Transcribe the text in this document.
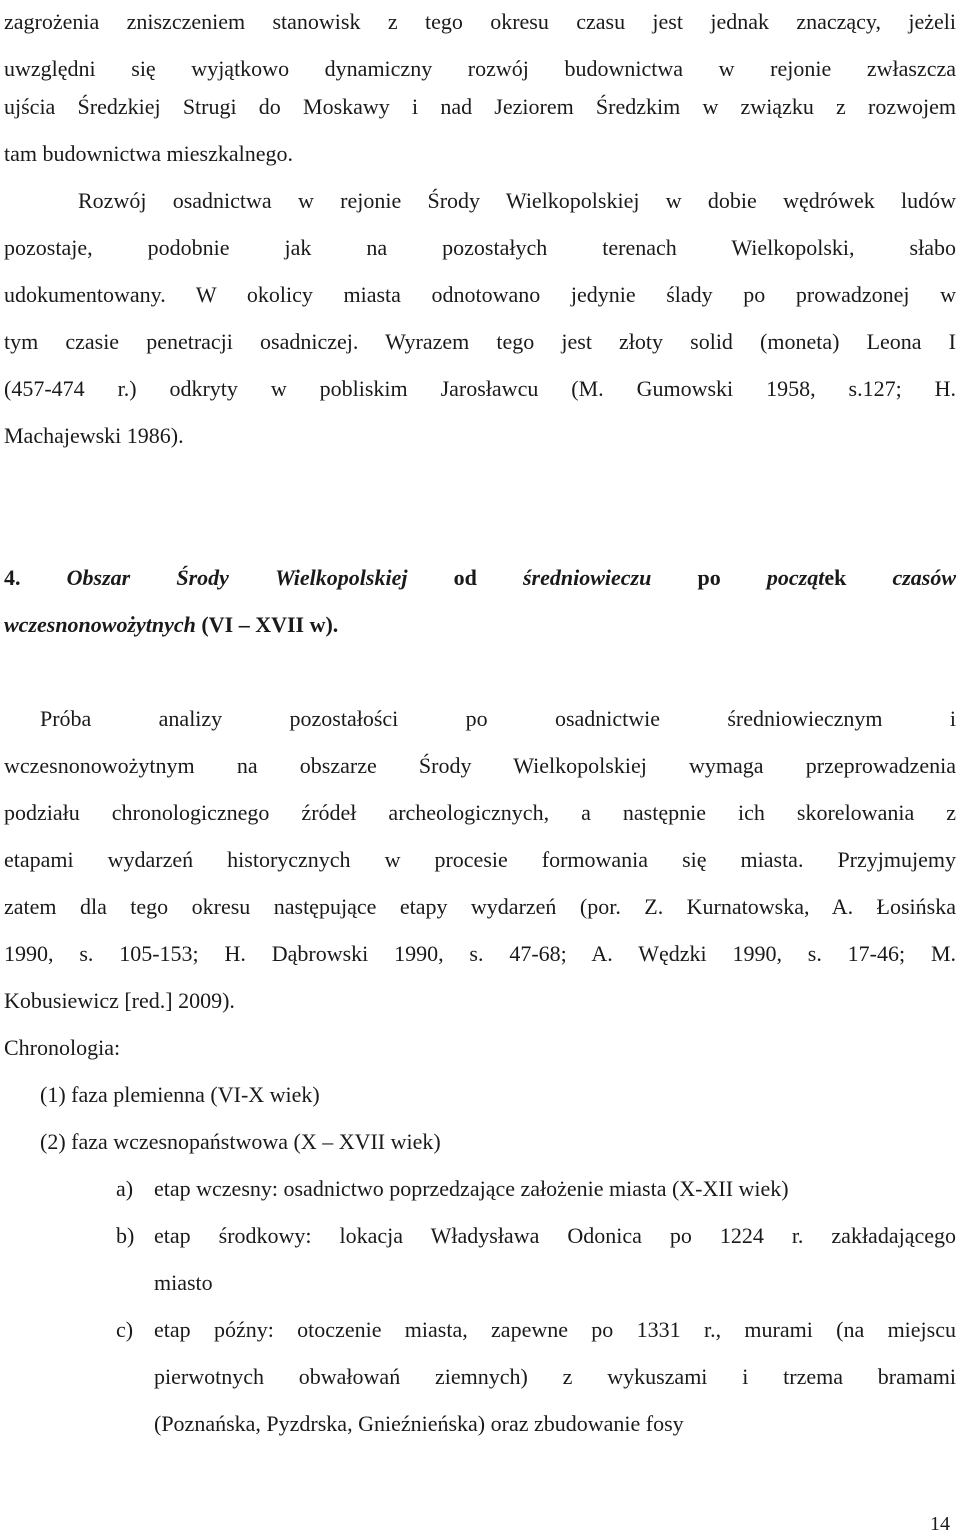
zagrożenia zniszczeniem stanowisk z tego okresu czasu jest jednak znaczący, jeżeli

uwzględni się wyjątkowo dynamiczny rozwój budownictwa w rejonie zwłaszcza

ujścia Średzkiej Strugi do Moskawy i nad Jeziorem Średzkim w związku z rozwojem

tam budownictwa mieszkalnego.

Rozwój osadnictwa w rejonie Środy Wielkopolskiej w dobie wędrówek ludów

pozostaje, podobnie jak na pozostałych terenach Wielkopolski, słabo

udokumentowany. W okolicy miasta odnotowano jedynie ślady po prowadzonej w

tym czasie penetracji osadniczej. Wyrazem tego jest złoty solid (moneta) Leona I

(457-474 r.) odkryty w pobliskim Jarosławcu (M. Gumowski 1958, s.127; H.

Machajewski 1986).

4. Obszar Środy Wielkopolskiej od średniowieczu po początek czasów

wczesnonowożytnych (VI – XVII w).

Próba analizy pozostałości po osadnictwie średniowiecznym i

wczesnonowożytnym na obszarze Środy Wielkopolskiej wymaga przeprowadzenia

podziału chronologicznego źródeł archeologicznych, a następnie ich skorelowania z

etapami wydarzeń historycznych w procesie formowania się miasta. Przyjmujemy

zatem dla tego okresu następujące etapy wydarzeń (por. Z. Kurnatowska, A. Łosińska

1990, s. 105-153; H. Dąbrowski 1990, s. 47-68; A. Wędzki 1990, s. 17-46; M.

Kobusiewicz [red.] 2009).

Chronologia:

(1) faza plemienna (VI-X wiek)

(2) faza wczesnopaństwowa (X – XVII wiek)

a) etap wczesny: osadnictwo poprzedzające założenie miasta (X-XII wiek)

b) etap środkowy: lokacja Władysława Odonica po 1224 r. zakładającego

miasto

c) etap późny: otoczenie miasta, zapewne po 1331 r., murami (na miejscu

pierwotnych obwałowań ziemnych) z wykuszami i trzema bramami

(Poznańska, Pyzdrska, Gnieźnieńska) oraz zbudowanie fosy

14
